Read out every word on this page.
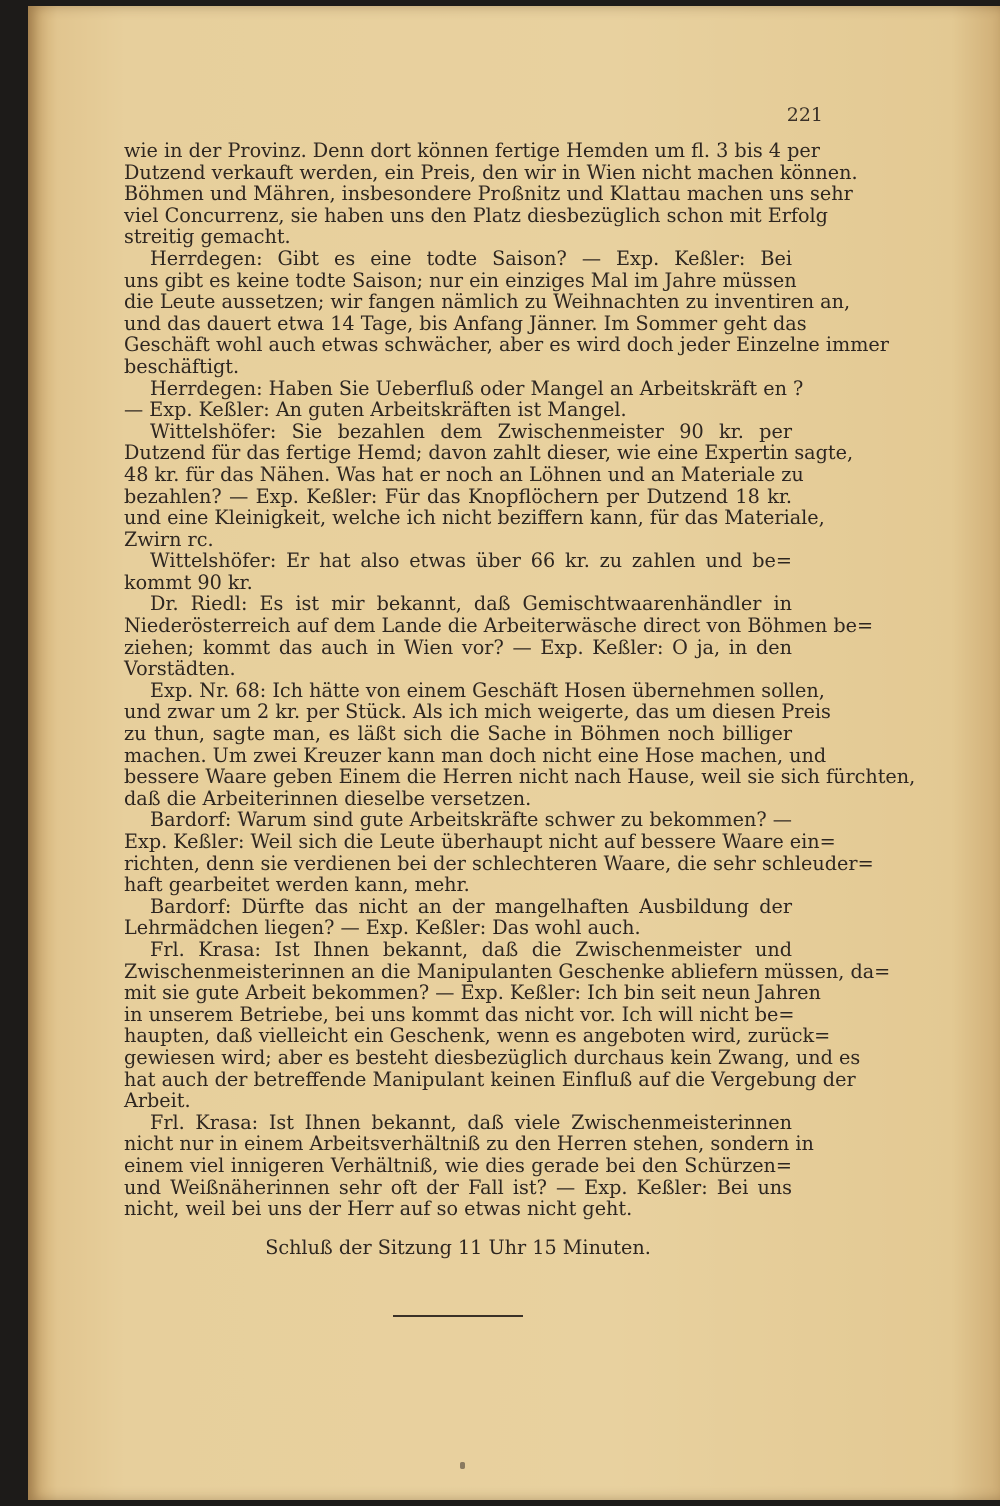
221
wie in der Provinz. Denn dort können fertige Hemden um fl. 3 bis 4 per
Dutzend verkauft werden, ein Preis, den wir in Wien nicht machen können.
Böhmen und Mähren, insbesondere Proßnitz und Klattau machen uns sehr
viel Concurrenz, sie haben uns den Platz diesbezüglich schon mit Erfolg
streitig gemacht.
Herrdegen: Gibt es eine todte Saison? — Exp. Keßler: Bei
uns gibt es keine todte Saison; nur ein einziges Mal im Jahre müssen
die Leute aussetzen; wir fangen nämlich zu Weihnachten zu inventiren an,
und das dauert etwa 14 Tage, bis Anfang Jänner. Im Sommer geht das
Geschäft wohl auch etwas schwächer, aber es wird doch jeder Einzelne immer
beschäftigt.
Herrdegen: Haben Sie Ueberfluß oder Mangel an Arbeitskräft en ?
— Exp. Keßler: An guten Arbeitskräften ist Mangel.
Wittelshöfer: Sie bezahlen dem Zwischenmeister 90 kr. per
Dutzend für das fertige Hemd; davon zahlt dieser, wie eine Expertin sagte,
48 kr. für das Nähen. Was hat er noch an Löhnen und an Materiale zu
bezahlen? — Exp. Keßler: Für das Knopflöchern per Dutzend 18 kr.
und eine Kleinigkeit, welche ich nicht beziffern kann, für das Materiale,
Zwirn rc.
Wittelshöfer: Er hat also etwas über 66 kr. zu zahlen und be=
kommt 90 kr.
Dr. Riedl: Es ist mir bekannt, daß Gemischtwaarenhändler in
Niederösterreich auf dem Lande die Arbeiterwäsche direct von Böhmen be=
ziehen; kommt das auch in Wien vor? — Exp. Keßler: O ja, in den
Vorstädten.
Exp. Nr. 68: Ich hätte von einem Geschäft Hosen übernehmen sollen,
und zwar um 2 kr. per Stück. Als ich mich weigerte, das um diesen Preis
zu thun, sagte man, es läßt sich die Sache in Böhmen noch billiger
machen. Um zwei Kreuzer kann man doch nicht eine Hose machen, und
bessere Waare geben Einem die Herren nicht nach Hause, weil sie sich fürchten,
daß die Arbeiterinnen dieselbe versetzen.
Bardorf: Warum sind gute Arbeitskräfte schwer zu bekommen? —
Exp. Keßler: Weil sich die Leute überhaupt nicht auf bessere Waare ein=
richten, denn sie verdienen bei der schlechteren Waare, die sehr schleuder=
haft gearbeitet werden kann, mehr.
Bardorf: Dürfte das nicht an der mangelhaften Ausbildung der
Lehrmädchen liegen? — Exp. Keßler: Das wohl auch.
Frl. Krasa: Ist Ihnen bekannt, daß die Zwischenmeister und
Zwischenmeisterinnen an die Manipulanten Geschenke abliefern müssen, da=
mit sie gute Arbeit bekommen? — Exp. Keßler: Ich bin seit neun Jahren
in unserem Betriebe, bei uns kommt das nicht vor. Ich will nicht be=
haupten, daß vielleicht ein Geschenk, wenn es angeboten wird, zurück=
gewiesen wird; aber es besteht diesbezüglich durchaus kein Zwang, und es
hat auch der betreffende Manipulant keinen Einfluß auf die Vergebung der
Arbeit.
Frl. Krasa: Ist Ihnen bekannt, daß viele Zwischenmeisterinnen
nicht nur in einem Arbeitsverhältniß zu den Herren stehen, sondern in
einem viel innigeren Verhältniß, wie dies gerade bei den Schürzen=
und Weißnäherinnen sehr oft der Fall ist? — Exp. Keßler: Bei uns
nicht, weil bei uns der Herr auf so etwas nicht geht.
Schluß der Sitzung 11 Uhr 15 Minuten.
